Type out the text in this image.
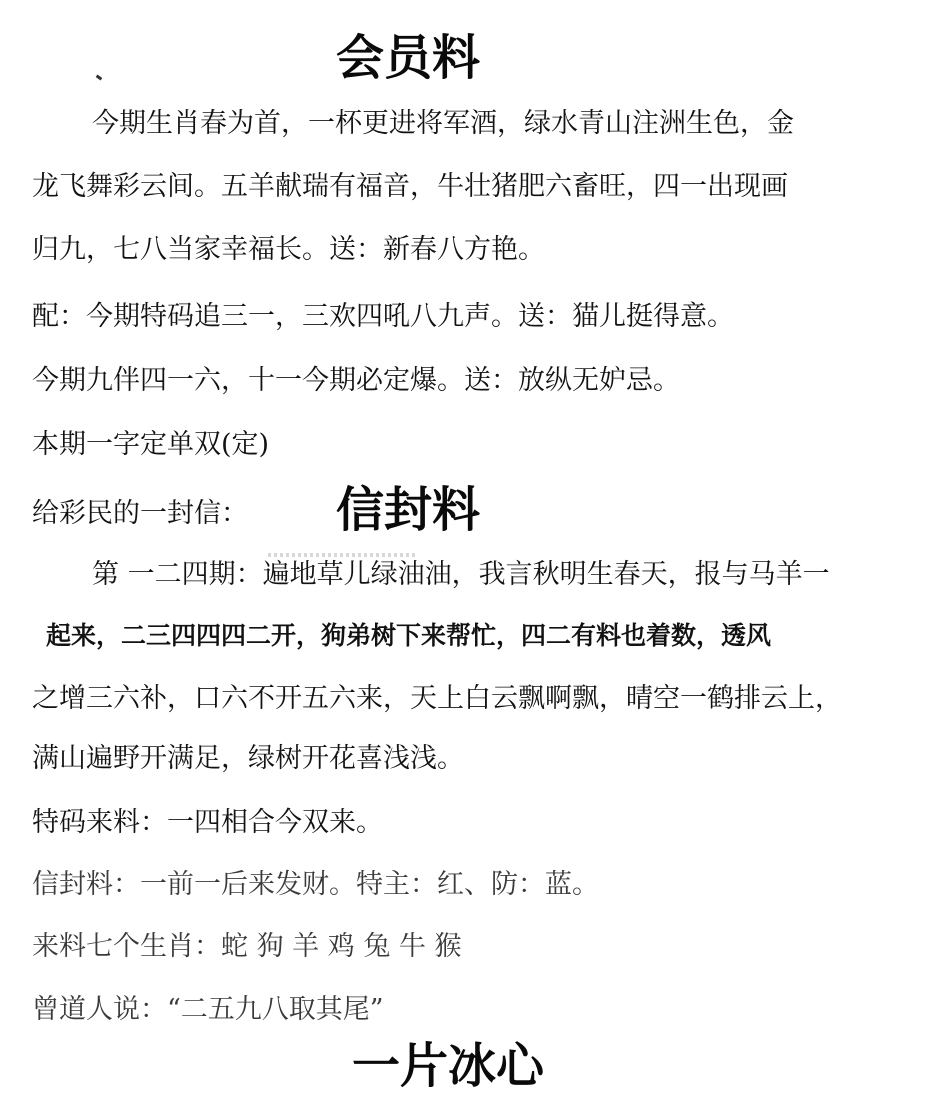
会员料

今期生肖春为首，一杯更进将军酒，绿水青山注洲生色，金

龙飞舞彩云间。五羊献瑞有福音，牛壮猪肥六畜旺，四一出现画

归九，七八当家幸福长。送：新春八方艳。

配：今期特码追三一，三欢四吼八九声。送：猫儿挺得意。

今期九伴四一六，十一今期必定爆。送：放纵无妒忌。

本期一字定单双(定)

给彩民的一封信： 信封料

第 一二四期：遍地草儿绿油油，我言秋明生春天，报与马羊一

起来，二三四四四二开，狗弟树下来帮忙，四二有料也着数，透风

之增三六补，口六不开五六来，天上白云飘啊飘，晴空一鹤排云上，

满山遍野开满足，绿树开花喜浅浅。

特码来料：一四相合今双来。

信封料：一前一后来发财。特主：红、防：蓝。

来料七个生肖：蛇 狗 羊 鸡 兔 牛 猴

曾道人说：“二五九八取其尾”

一片冰心
